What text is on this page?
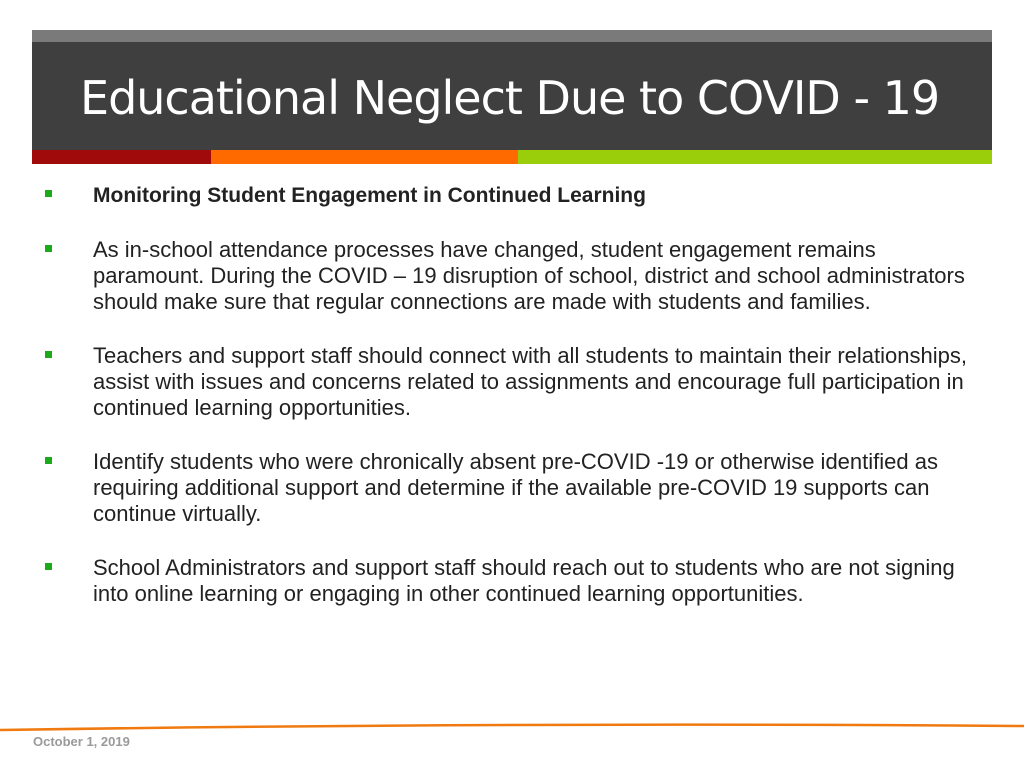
Educational Neglect Due to COVID - 19
Monitoring Student Engagement in Continued Learning
As in-school attendance processes have changed, student engagement remains paramount. During the COVID – 19 disruption of school, district and school administrators should make sure that regular connections are made with students and families.
Teachers and support staff should connect with all students to maintain their relationships, assist with issues and concerns related to assignments and encourage full participation in continued learning opportunities.
Identify students who were chronically absent pre-COVID -19 or otherwise identified as requiring additional support and determine if the available pre-COVID 19 supports can continue virtually.
School Administrators and support staff should reach out to students who are not signing into online learning or engaging in other continued learning opportunities.
October 1, 2019
